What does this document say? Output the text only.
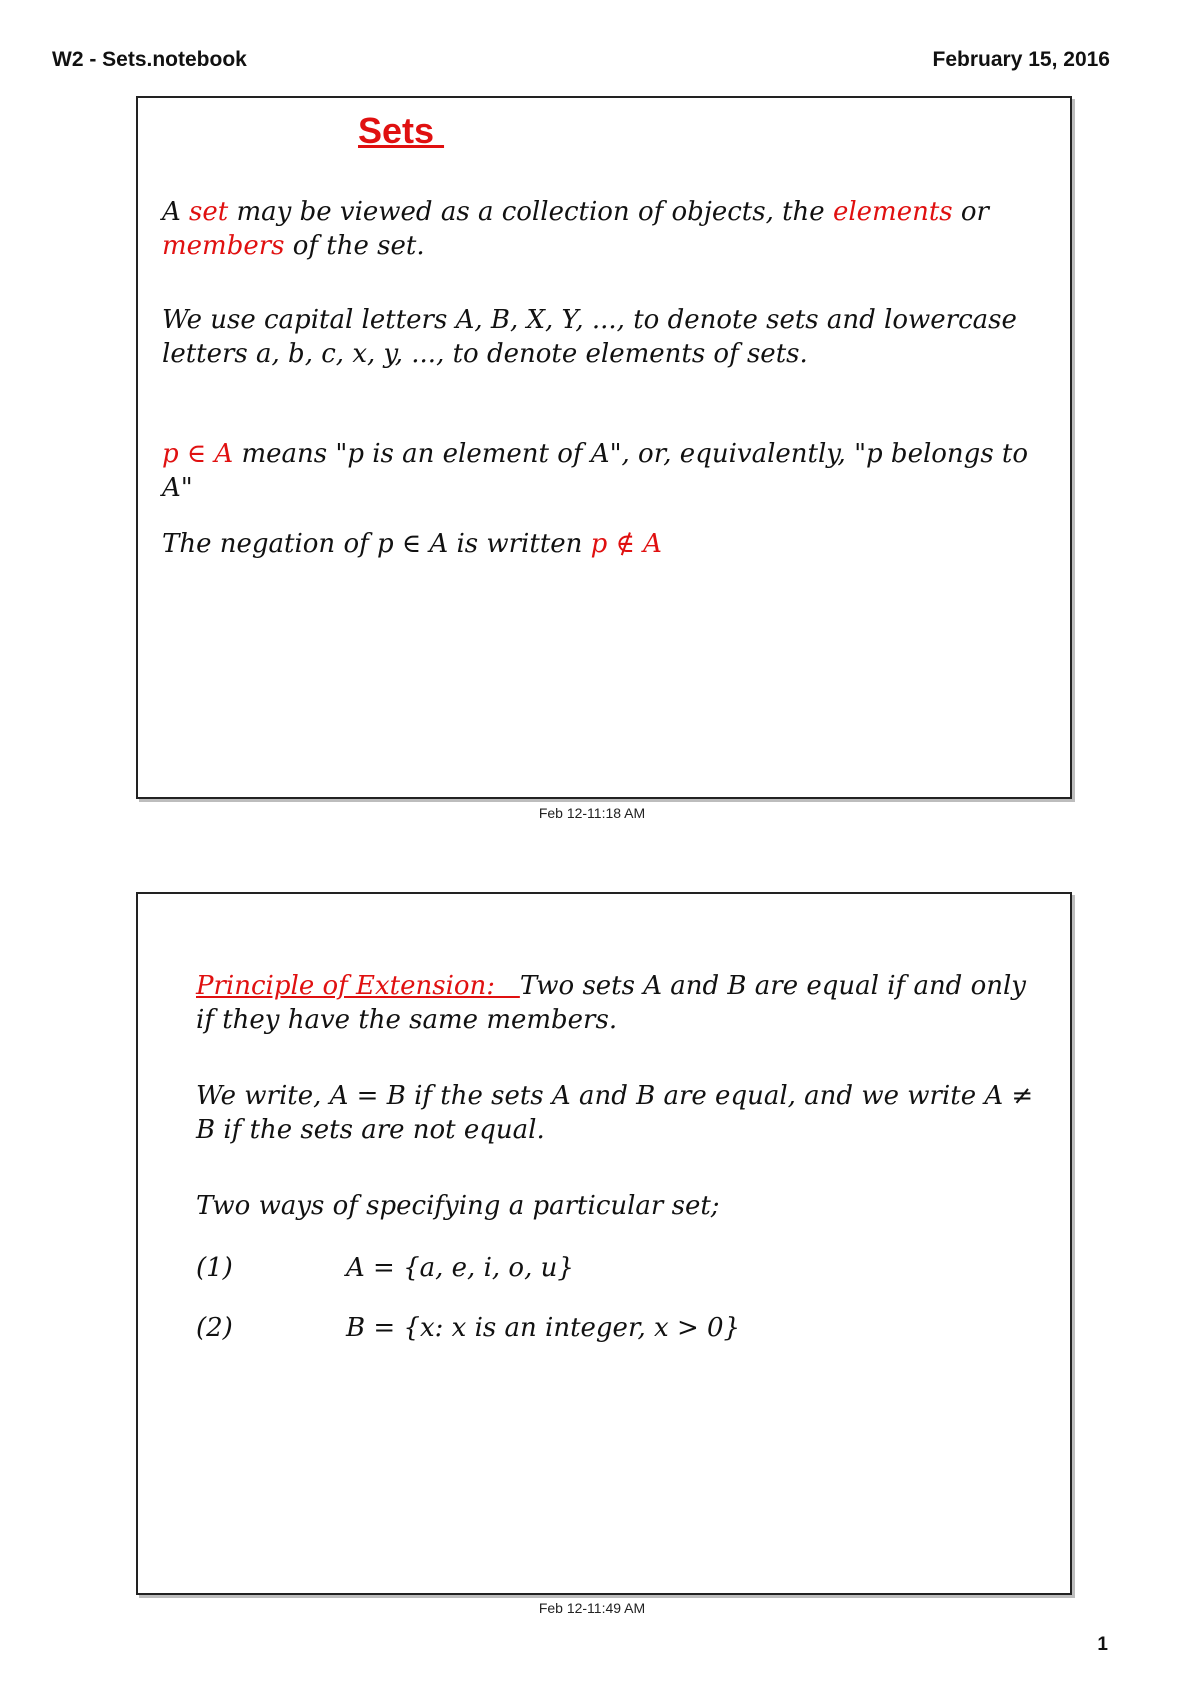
W2 - Sets.notebook	February 15, 2016
Sets
A set may be viewed as a collection of objects, the elements or members of the set.
We use capital letters A, B, X, Y, ..., to denote sets and lowercase letters a, b, c, x, y, ..., to denote elements of sets.
p ∈ A means "p is an element of A", or, equivalently, "p belongs to A"
The negation of p ∈ A is written p ∉ A
Feb 12-11:18 AM
Principle of Extension:   Two sets A and B are equal if and only if they have the same members.
We write, A = B if the sets A and B are equal, and we write A ≠ B if the sets are not equal.
Two ways of specifying a particular set;
(1)	A = {a, e, i, o, u}
(2)	B = {x: x is an integer, x > 0}
Feb 12-11:49 AM
1
